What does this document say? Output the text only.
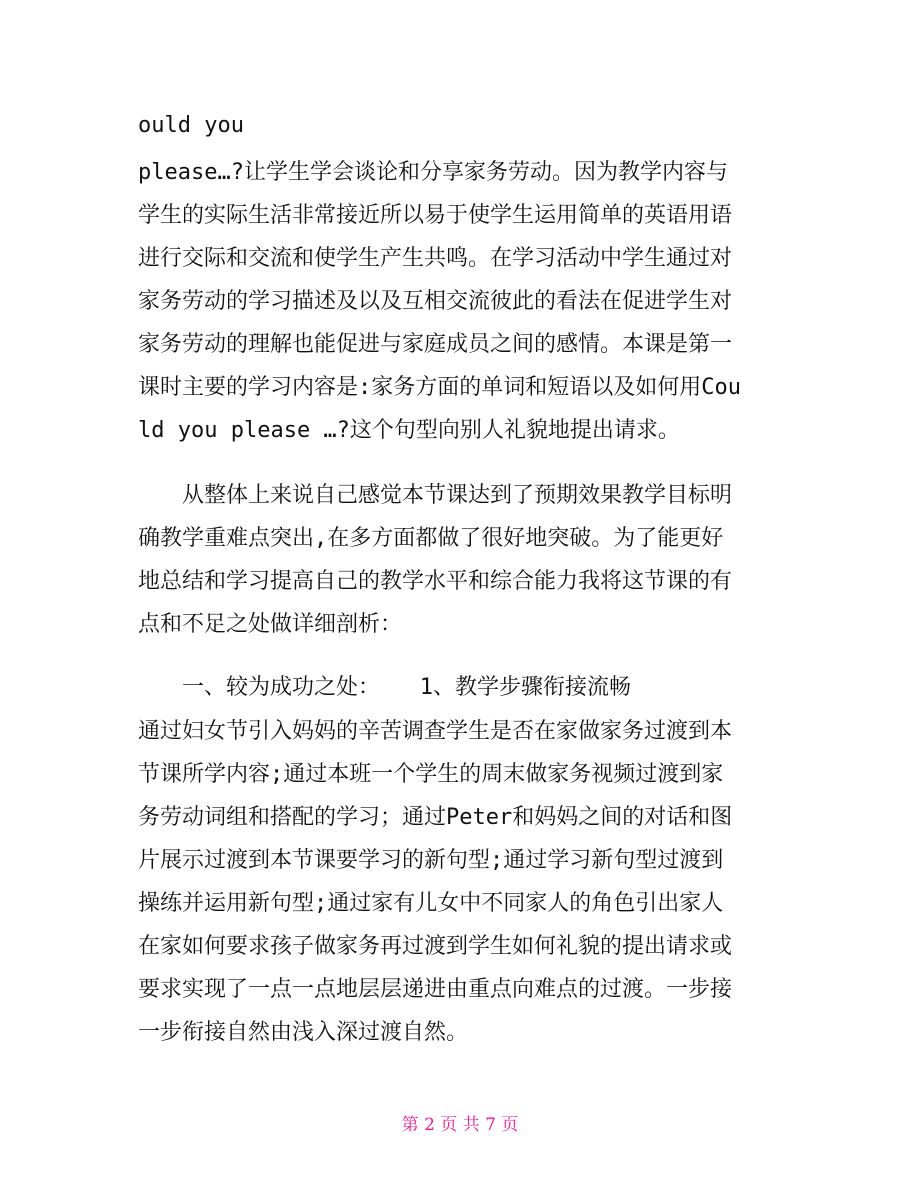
ould you
please…?让学生学会谈论和分享家务劳动。因为教学内容与
学生的实际生活非常接近所以易于使学生运用简单的英语用语
进行交际和交流和使学生产生共鸣。在学习活动中学生通过对
家务劳动的学习描述及以及互相交流彼此的看法在促进学生对
家务劳动的理解也能促进与家庭成员之间的感情。本课是第一
课时主要的学习内容是:家务方面的单词和短语以及如何用Cou
ld you please …?这个句型向别人礼貌地提出请求。
从整体上来说自己感觉本节课达到了预期效果教学目标明
确教学重难点突出,在多方面都做了很好地突破。为了能更好
地总结和学习提高自己的教学水平和综合能力我将这节课的有
点和不足之处做详细剖析：
一、较为成功之处：   1、教学步骤衔接流畅
通过妇女节引入妈妈的辛苦调查学生是否在家做家务过渡到本
节课所学内容;通过本班一个学生的周末做家务视频过渡到家
务劳动词组和搭配的学习；通过Peter和妈妈之间的对话和图
片展示过渡到本节课要学习的新句型;通过学习新句型过渡到
操练并运用新句型;通过家有儿女中不同家人的角色引出家人
在家如何要求孩子做家务再过渡到学生如何礼貌的提出请求或
要求实现了一点一点地层层递进由重点向难点的过渡。一步接
一步衔接自然由浅入深过渡自然。
第 2 页 共 7 页
